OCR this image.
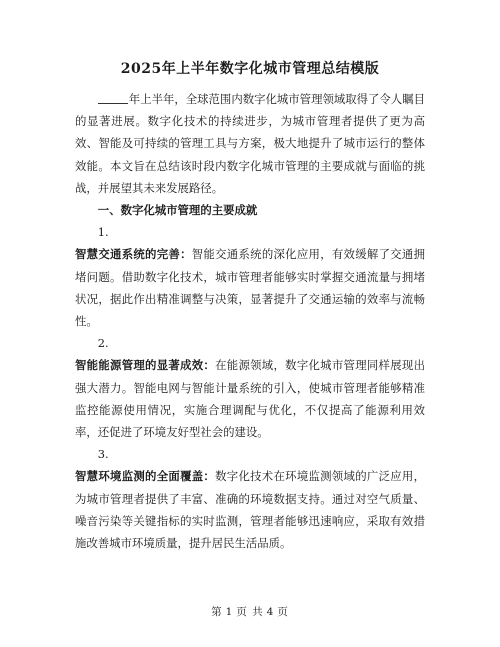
2025年上半年数字化城市管理总结模版

年上半年，全球范围内数字化城市管理领域取得了令人瞩目的显著进展。数字化技术的持续进步，为城市管理者提供了更为高效、智能及可持续的管理工具与方案，极大地提升了城市运行的整体效能。本文旨在总结该时段内数字化城市管理的主要成就与面临的挑战，并展望其未来发展路径。

一、数字化城市管理的主要成就

1.

智慧交通系统的完善：智能交通系统的深化应用，有效缓解了交通拥堵问题。借助数字化技术，城市管理者能够实时掌握交通流量与拥堵状况，据此作出精准调整与决策，显著提升了交通运输的效率与流畅性。

2.

智能能源管理的显著成效：在能源领域，数字化城市管理同样展现出强大潜力。智能电网与智能计量系统的引入，使城市管理者能够精准监控能源使用情况，实施合理调配与优化，不仅提高了能源利用效率，还促进了环境友好型社会的建设。

3.

智慧环境监测的全面覆盖：数字化技术在环境监测领域的广泛应用，为城市管理者提供了丰富、准确的环境数据支持。通过对空气质量、噪音污染等关键指标的实时监测，管理者能够迅速响应，采取有效措施改善城市环境质量，提升居民生活品质。

第 1 页 共 4 页
